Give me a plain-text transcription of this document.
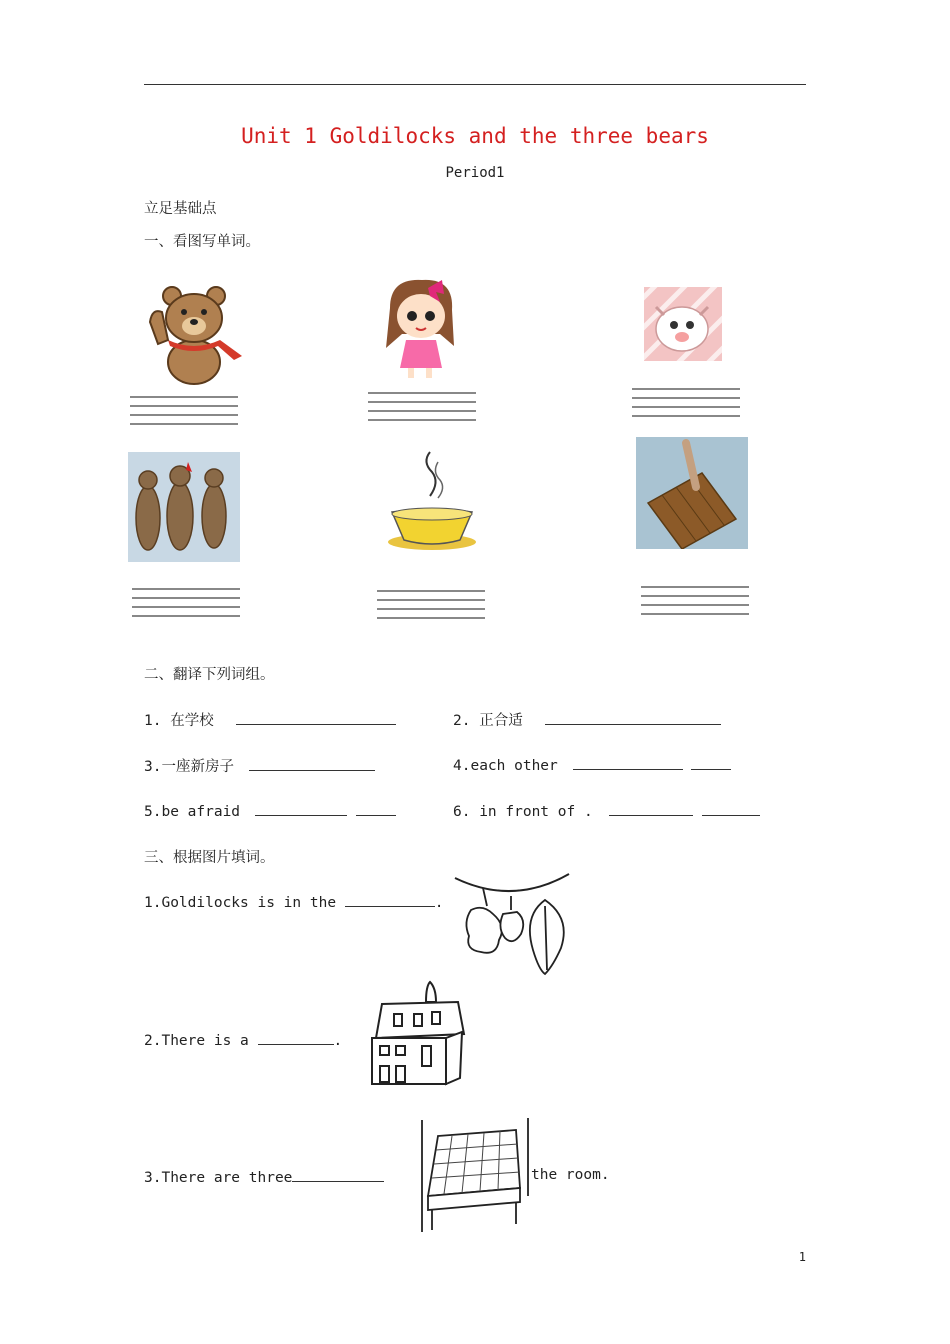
Unit 1 Goldilocks and the three bears
Period1
立足基础点
一、看图写单词。
二、翻译下列词组。
1. 在学校	2. 正合适
3.一座新房子	4.each other
5.be afraid	6. in front of .
三、根据图片填词。
1.Goldilocks is in the	.
2.There is a	.
3.There are three	the room.
1
